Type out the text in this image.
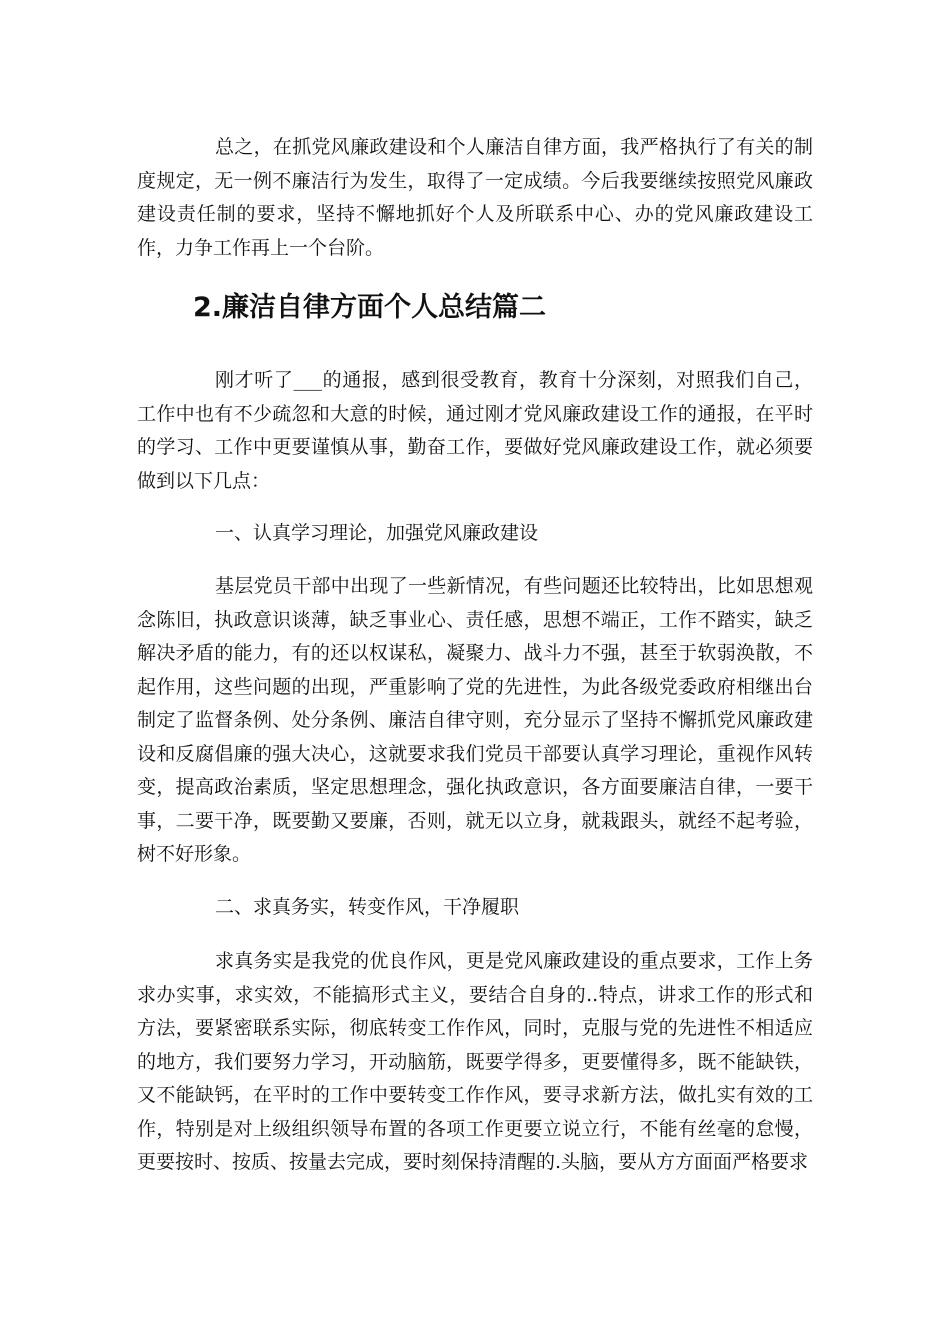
总之，在抓党风廉政建设和个人廉洁自律方面，我严格执行了有关的制度规定，无一例不廉洁行为发生，取得了一定成绩。今后我要继续按照党风廉政建设责任制的要求，坚持不懈地抓好个人及所联系中心、办的党风廉政建设工作，力争工作再上一个台阶。

2.廉洁自律方面个人总结篇二

刚才听了___的通报，感到很受教育，教育十分深刻，对照我们自己，工作中也有不少疏忽和大意的时候，通过刚才党风廉政建设工作的通报，在平时的学习、工作中更要谨慎从事，勤奋工作，要做好党风廉政建设工作，就必须要做到以下几点：

一、认真学习理论，加强党风廉政建设

基层党员干部中出现了一些新情况，有些问题还比较特出，比如思想观念陈旧，执政意识谈薄，缺乏事业心、责任感，思想不端正，工作不踏实，缺乏解决矛盾的能力，有的还以权谋私，凝聚力、战斗力不强，甚至于软弱涣散，不起作用，这些问题的出现，严重影响了党的先进性，为此各级党委政府相继出台制定了监督条例、处分条例、廉洁自律守则，充分显示了坚持不懈抓党风廉政建设和反腐倡廉的强大决心，这就要求我们党员干部要认真学习理论，重视作风转变，提高政治素质，坚定思想理念，强化执政意识，各方面要廉洁自律，一要干事，二要干净，既要勤又要廉，否则，就无以立身，就栽跟头，就经不起考验，树不好形象。

二、求真务实，转变作风，干净履职

求真务实是我党的优良作风，更是党风廉政建设的重点要求，工作上务求办实事，求实效，不能搞形式主义，要结合自身的..特点，讲求工作的形式和方法，要紧密联系实际，彻底转变工作作风，同时，克服与党的先进性不相适应的地方，我们要努力学习，开动脑筋，既要学得多，更要懂得多，既不能缺铁，又不能缺钙，在平时的工作中要转变工作作风，要寻求新方法，做扎实有效的工作，特别是对上级组织领导布置的各项工作更要立说立行，不能有丝毫的怠慢，更要按时、按质、按量去完成，要时刻保持清醒的.头脑，要从方方面面严格要求
